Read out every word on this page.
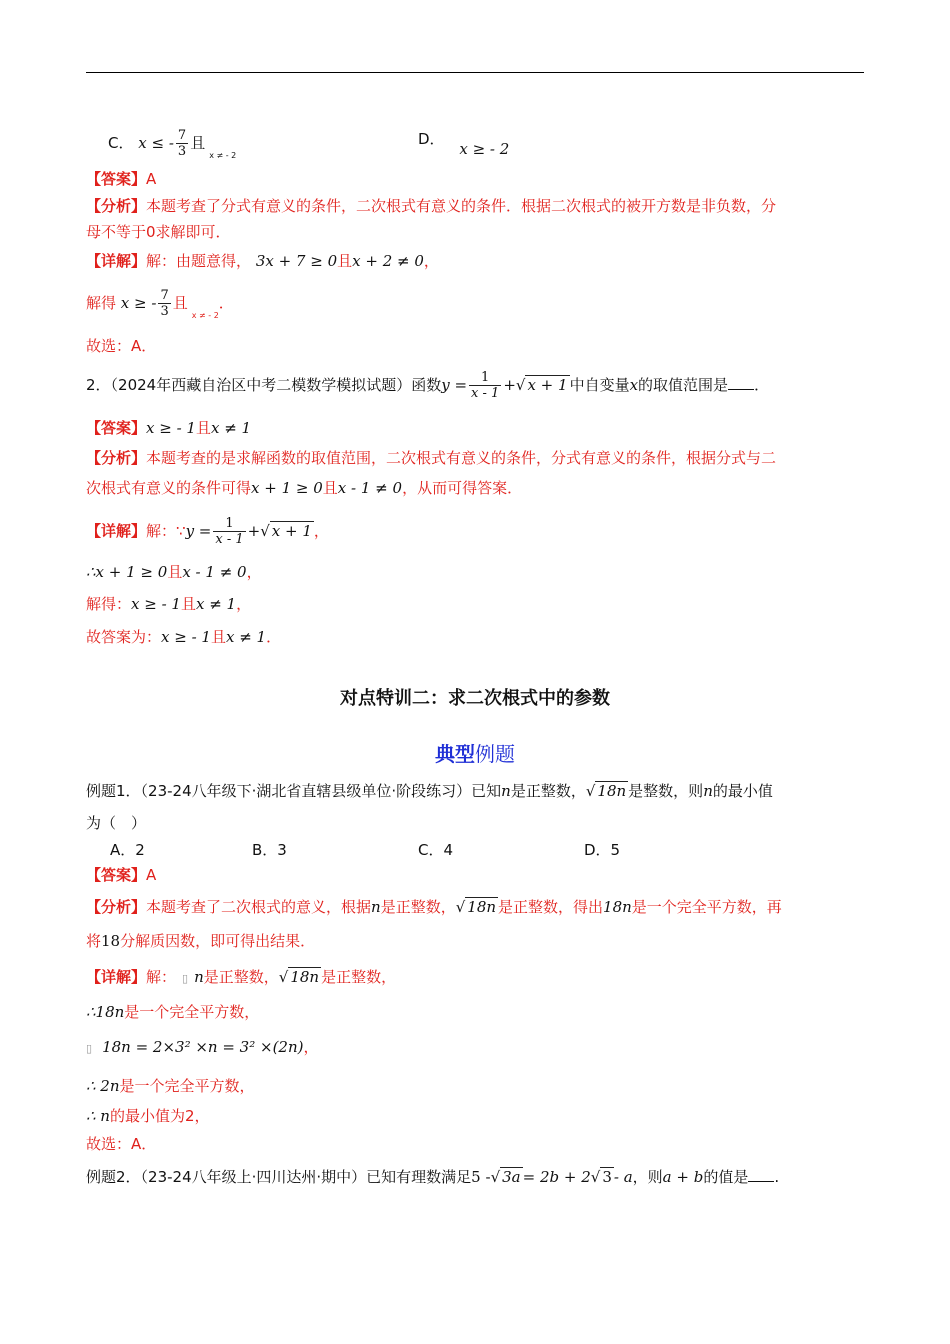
C． x ≤ - $\frac{7}{3}$ 且$_{x \ne - 2}$
D． x ≥ - 2
【答案】A
【分析】本题考查了分式有意义的条件，二次根式有意义的条件．根据二次根式的被开方数是非负数，分
母不等于0求解即可．
【详解】解：由题意得， 3x + 7 ≥ 0且x + 2 ≠ 0，
解得 x ≥ - $\frac{7}{3}$ 且$_{x \ne - 2}$．
故选：A．
2．（2024年西藏自治区中考二模数学模拟试题）函数$y = \frac{1}{x - 1}$ +√ x + 1 中自变量x的取值范围是 ．
【答案】x ≥ - 1且x ≠ 1
【分析】本题考查的是求解函数的取值范围，二次根式有意义的条件，分式有意义的条件，根据分式与二
次根式有意义的条件可得x + 1 ≥ 0且x - 1 ≠ 0，从而可得答案．
【详解】解：∵y = $\frac{1}{x - 1}$ +√ x + 1 ，
∴x + 1 ≥ 0且x - 1 ≠ 0，
解得：x ≥ - 1且x ≠ 1，
故答案为：x ≥ - 1且x ≠ 1．
对点特训二：求二次根式中的参数
典型例题
例题1．（23-24八年级下·湖北省直辖县级单位·阶段练习）已知n是正整数，√ 18n 是整数，则n的最小值
为（　）
A．2	B．3	C．4	D．5
【答案】A
【分析】本题考查了二次根式的意义，根据n是正整数，√ 18n 是正整数，得出18n是一个完全平方数，再
将18分解质因数，即可得出结果．
【详解】解： ▯ n是正整数，√ 18n 是正整数，
∴18n是一个完全平方数，
▯ 18n = 2×3² ×n = 3² ×(2n)，
∴ 2n是一个完全平方数，
∴ n的最小值为2，
故选：A．
例题2．（23-24八年级上·四川达州·期中）已知有理数满足5 -√ 3a = 2b + 2√ 3 - a，则a + b的值是 .
